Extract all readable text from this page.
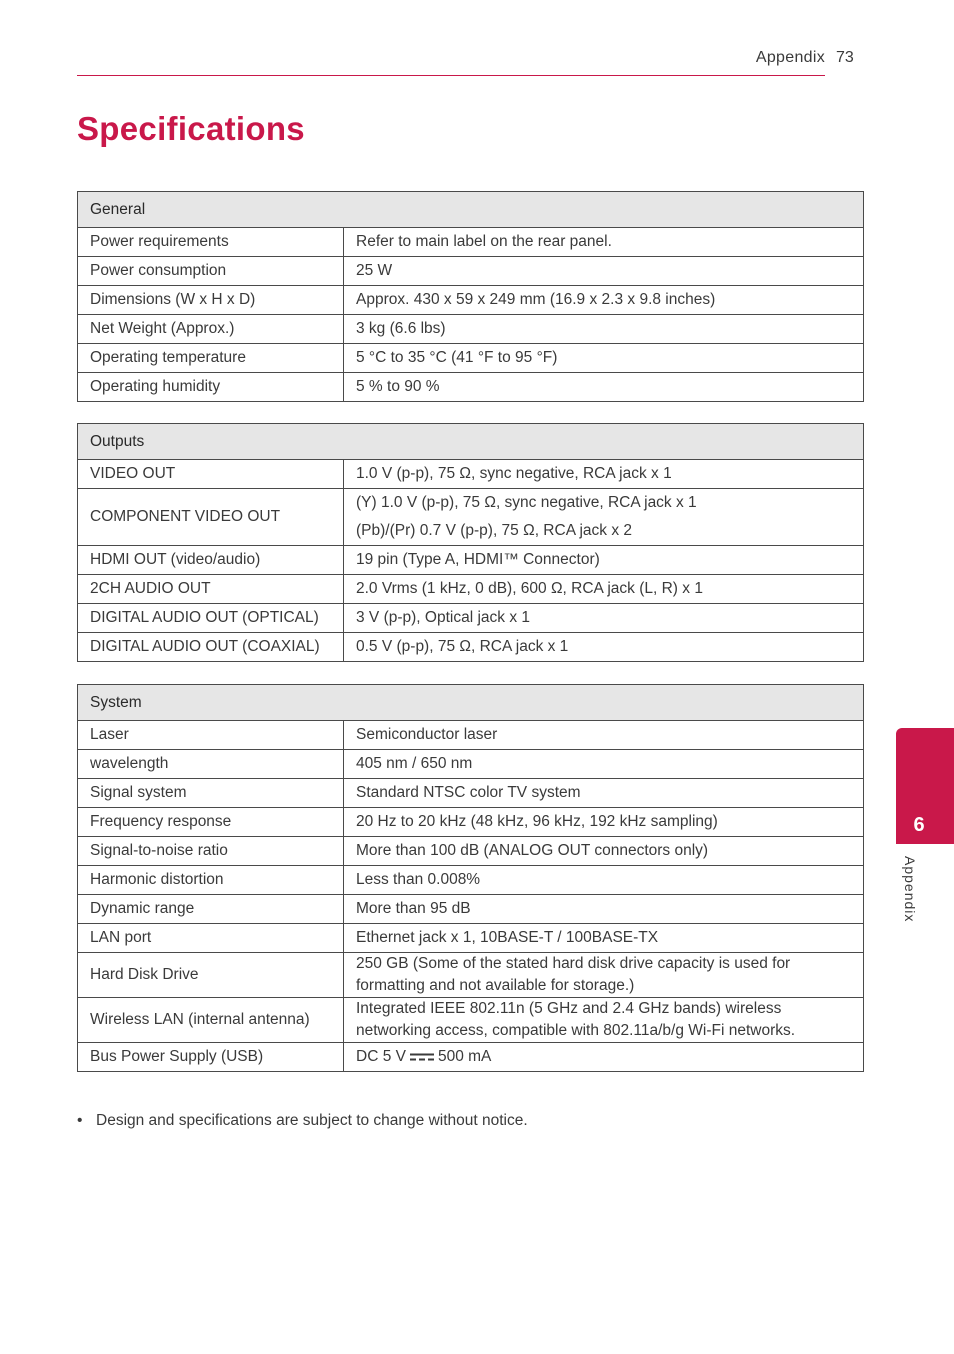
Appendix 73
Specifications
General	
Power requirements	Refer to main label on the rear panel.
Power consumption	25 W
Dimensions (W x H x D)	Approx. 430 x 59 x 249 mm (16.9 x 2.3 x 9.8 inches)
Net Weight (Approx.)	3 kg (6.6 lbs)
Operating temperature	5 °C to 35 °C (41 °F to 95 °F)
Operating humidity	5 % to 90 %
Outputs	
VIDEO OUT	1.0 V (p-p), 75 Ω, sync negative, RCA jack x 1
COMPONENT VIDEO OUT	(Y) 1.0 V (p-p), 75 Ω, sync negative, RCA jack x 1
(Pb)/(Pr) 0.7 V (p-p), 75 Ω, RCA jack x 2

HDMI OUT (video/audio)	19 pin (Type A, HDMI™ Connector)
2CH AUDIO OUT	2.0 Vrms (1 kHz, 0 dB), 600 Ω, RCA jack (L, R) x 1
DIGITAL AUDIO OUT (OPTICAL)	3 V (p-p), Optical jack x 1
DIGITAL AUDIO OUT (COAXIAL)	0.5 V (p-p), 75 Ω, RCA jack x 1
System	
Laser	Semiconductor laser
wavelength	405 nm / 650 nm
Signal system	Standard NTSC color TV system
Frequency response	20 Hz to 20 kHz (48 kHz, 96 kHz, 192 kHz sampling)
Signal-to-noise ratio	More than 100 dB (ANALOG OUT connectors only)
Harmonic distortion	Less than 0.008%
Dynamic range	More than 95 dB
LAN port	Ethernet jack x 1, 10BASE-T / 100BASE-TX
Hard Disk Drive	250 GB (Some of the stated hard disk drive capacity is used for formatting and not available for storage.)
Wireless LAN (internal antenna)	Integrated IEEE 802.11n (5 GHz and 2.4 GHz bands) wireless networking access, compatible with 802.11a/b/g Wi-Fi networks.
Bus Power Supply (USB)	DC 5 V 500 mA
• Design and specifications are subject to change without notice.
6
Appendix
